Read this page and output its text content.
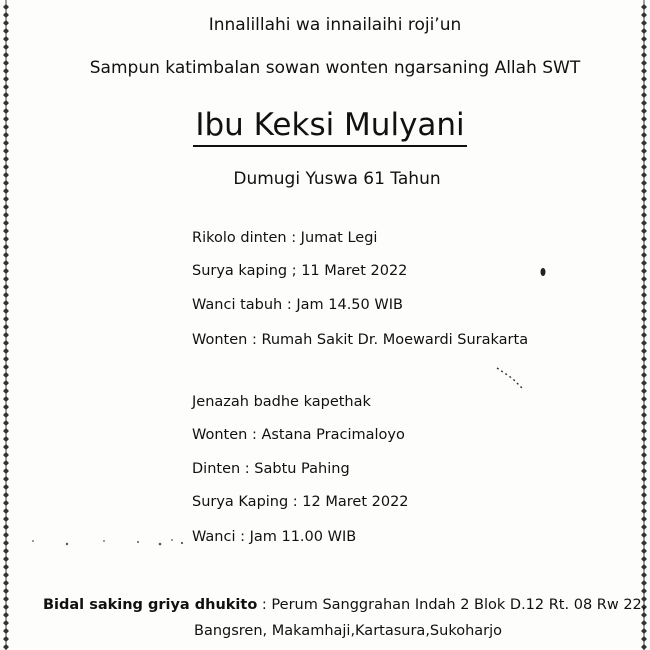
Innalillahi wa innailaihi roji’un
Sampun katimbalan sowan wonten ngarsaning Allah SWT
Ibu Keksi Mulyani
Dumugi Yuswa 61 Tahun
Rikolo dinten : Jumat Legi
Surya kaping ; 11 Maret 2022
Wanci tabuh : Jam 14.50 WIB
Wonten : Rumah Sakit Dr. Moewardi Surakarta
Jenazah badhe kapethak
Wonten : Astana Pracimaloyo
Dinten : Sabtu Pahing
Surya Kaping : 12 Maret 2022
Wanci : Jam 11.00 WIB
Bidal saking griya dhukito : Perum Sanggrahan Indah 2 Blok D.12 Rt. 08 Rw 22,
Bangsren, Makamhaji,Kartasura,Sukoharjo
